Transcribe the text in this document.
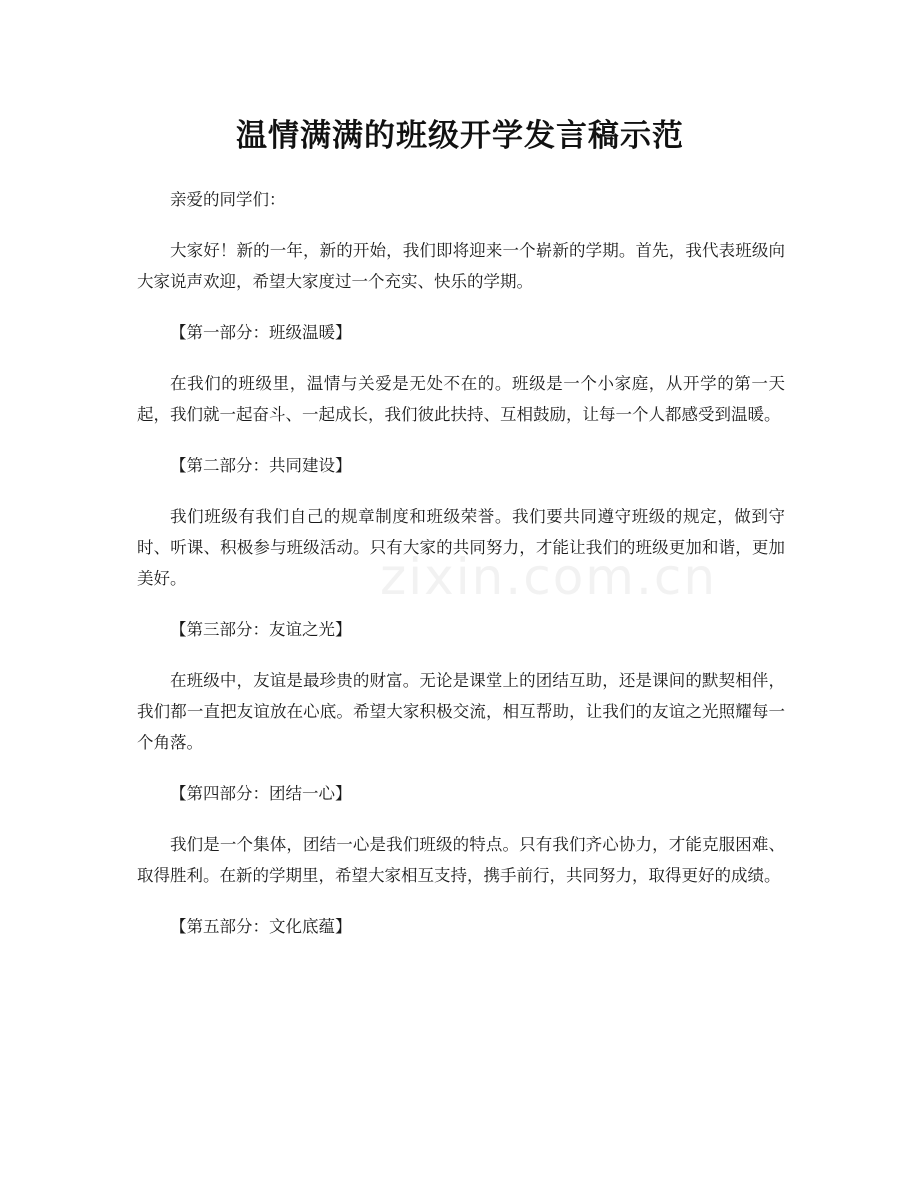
温情满满的班级开学发言稿示范
zixin.com.cn

亲爱的同学们：

大家好！新的一年，新的开始，我们即将迎来一个崭新的学期。首先，我代表班级向大家说声欢迎，希望大家度过一个充实、快乐的学期。

【第一部分：班级温暖】

在我们的班级里，温情与关爱是无处不在的。班级是一个小家庭，从开学的第一天起，我们就一起奋斗、一起成长，我们彼此扶持、互相鼓励，让每一个人都感受到温暖。

【第二部分：共同建设】

我们班级有我们自己的规章制度和班级荣誉。我们要共同遵守班级的规定，做到守时、听课、积极参与班级活动。只有大家的共同努力，才能让我们的班级更加和谐，更加美好。

【第三部分：友谊之光】

在班级中，友谊是最珍贵的财富。无论是课堂上的团结互助，还是课间的默契相伴，我们都一直把友谊放在心底。希望大家积极交流，相互帮助，让我们的友谊之光照耀每一个角落。

【第四部分：团结一心】

我们是一个集体，团结一心是我们班级的特点。只有我们齐心协力，才能克服困难、取得胜利。在新的学期里，希望大家相互支持，携手前行，共同努力，取得更好的成绩。

【第五部分：文化底蕴】
